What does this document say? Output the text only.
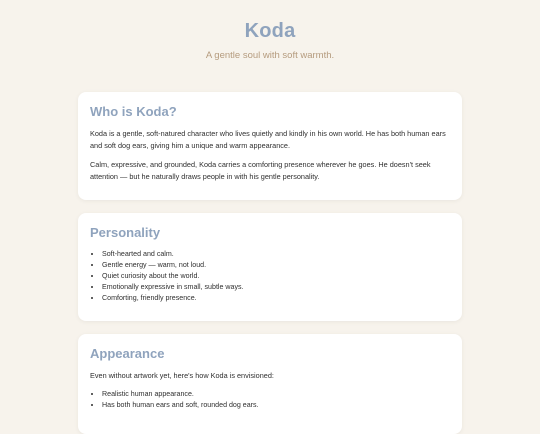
Koda

A gentle soul with soft warmth.

Who is Koda?

Koda is a gentle, soft-natured character who lives quietly and kindly in his own world. He has both human ears and soft dog ears, giving him a unique and warm appearance.

Calm, expressive, and grounded, Koda carries a comforting presence wherever he goes. He doesn't seek attention — but he naturally draws people in with his gentle personality.

Personality
• Soft-hearted and calm.
• Gentle energy — warm, not loud.
• Quiet curiosity about the world.
• Emotionally expressive in small, subtle ways.
• Comforting, friendly presence.
Appearance

Even without artwork yet, here's how Koda is envisioned:

• Realistic human appearance.
• Has both human ears and soft, rounded dog ears.
